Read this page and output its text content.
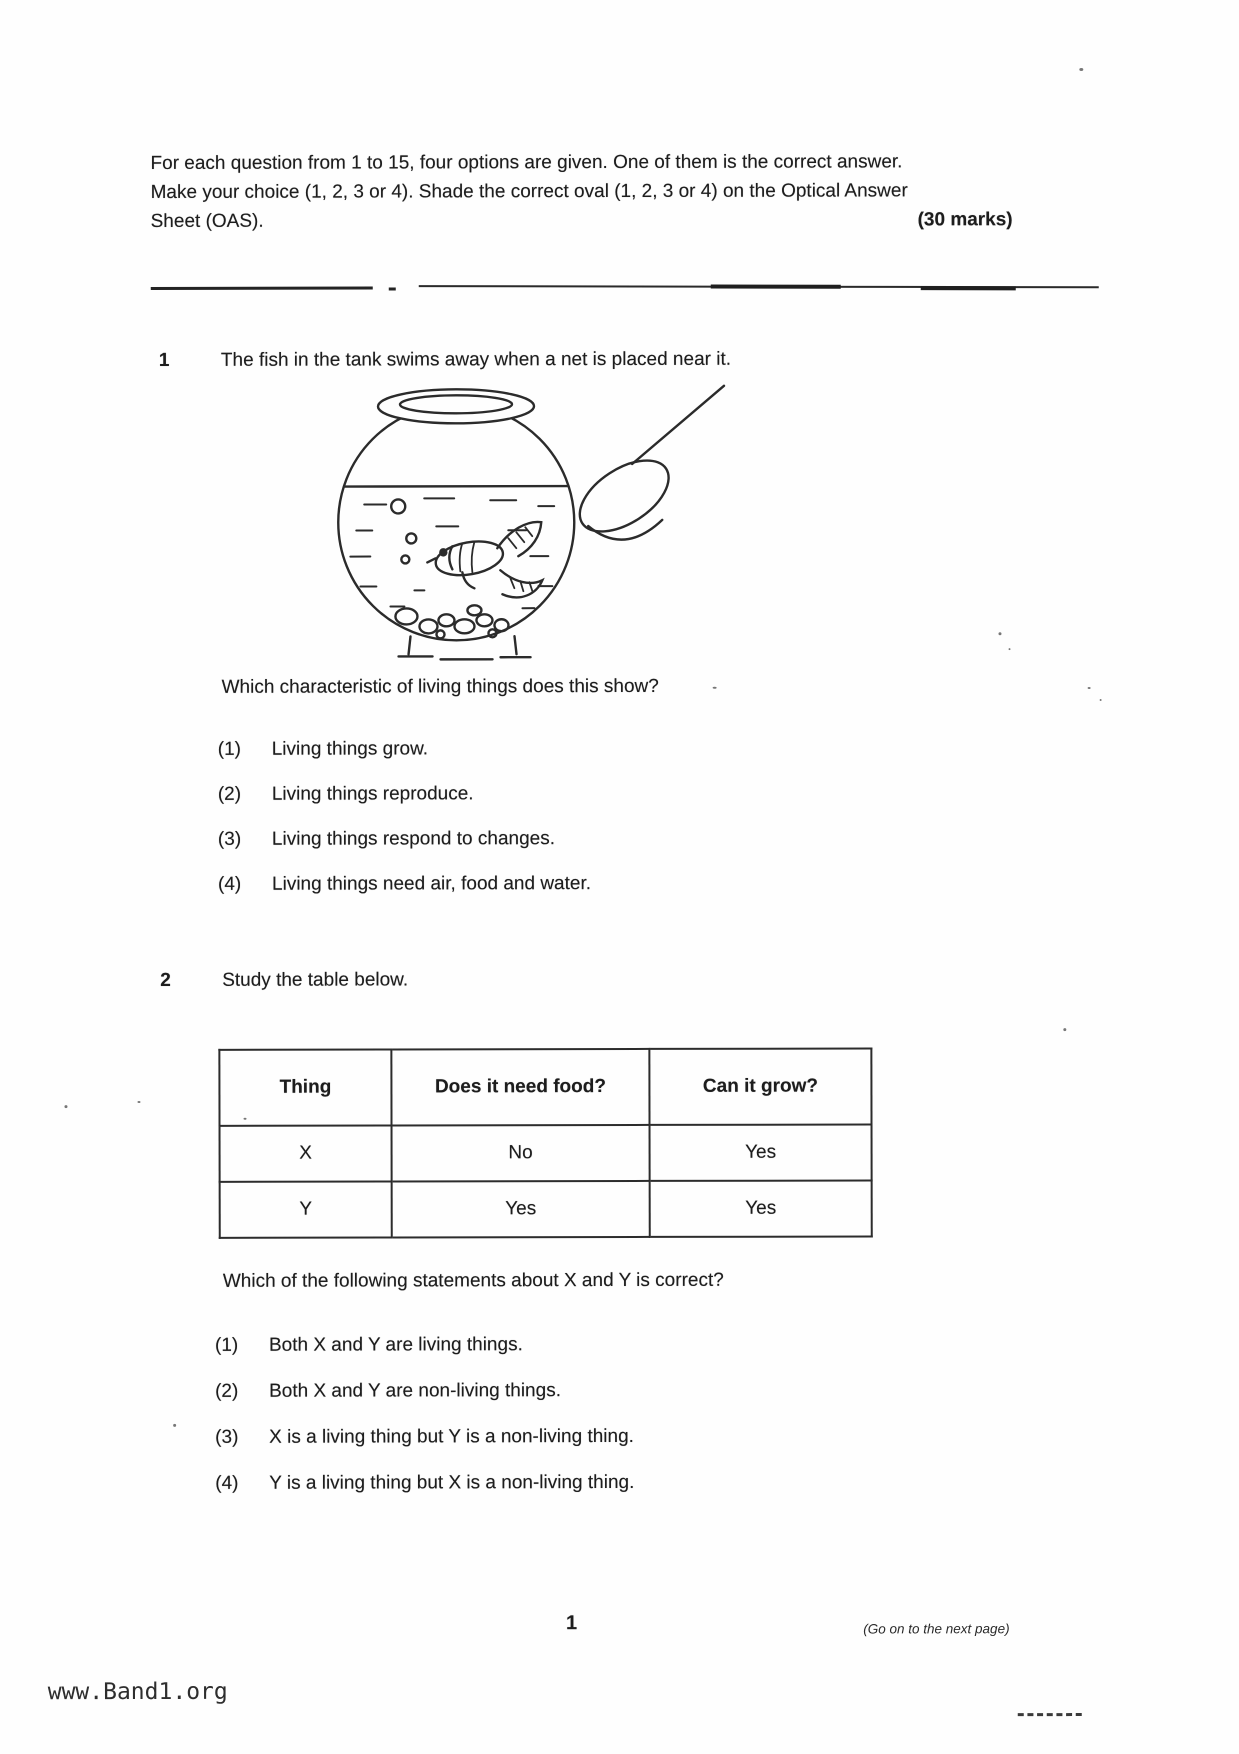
For each question from 1 to 15, four options are given. One of them is the correct answer.
Make your choice (1, 2, 3 or 4). Shade the correct oval (1, 2, 3 or 4) on the Optical Answer
Sheet (OAS).	(30 marks)
1	The fish in the tank swims away when a net is placed near it.
Which characteristic of living things does this show?
(1)	Living things grow.
(2)	Living things reproduce.
(3)	Living things respond to changes.
(4)	Living things need air, food and water.
2	Study the table below.
Thing	Does it need food?	Can it grow?
X	No	Yes
Y	Yes	Yes
Which of the following statements about X and Y is correct?
(1)	Both X and Y are living things.
(2)	Both X and Y are non-living things.
(3)	X is a living thing but Y is a non-living thing.
(4)	Y is a living thing but X is a non-living thing.
1	(Go on to the next page)
www.Band1.org
